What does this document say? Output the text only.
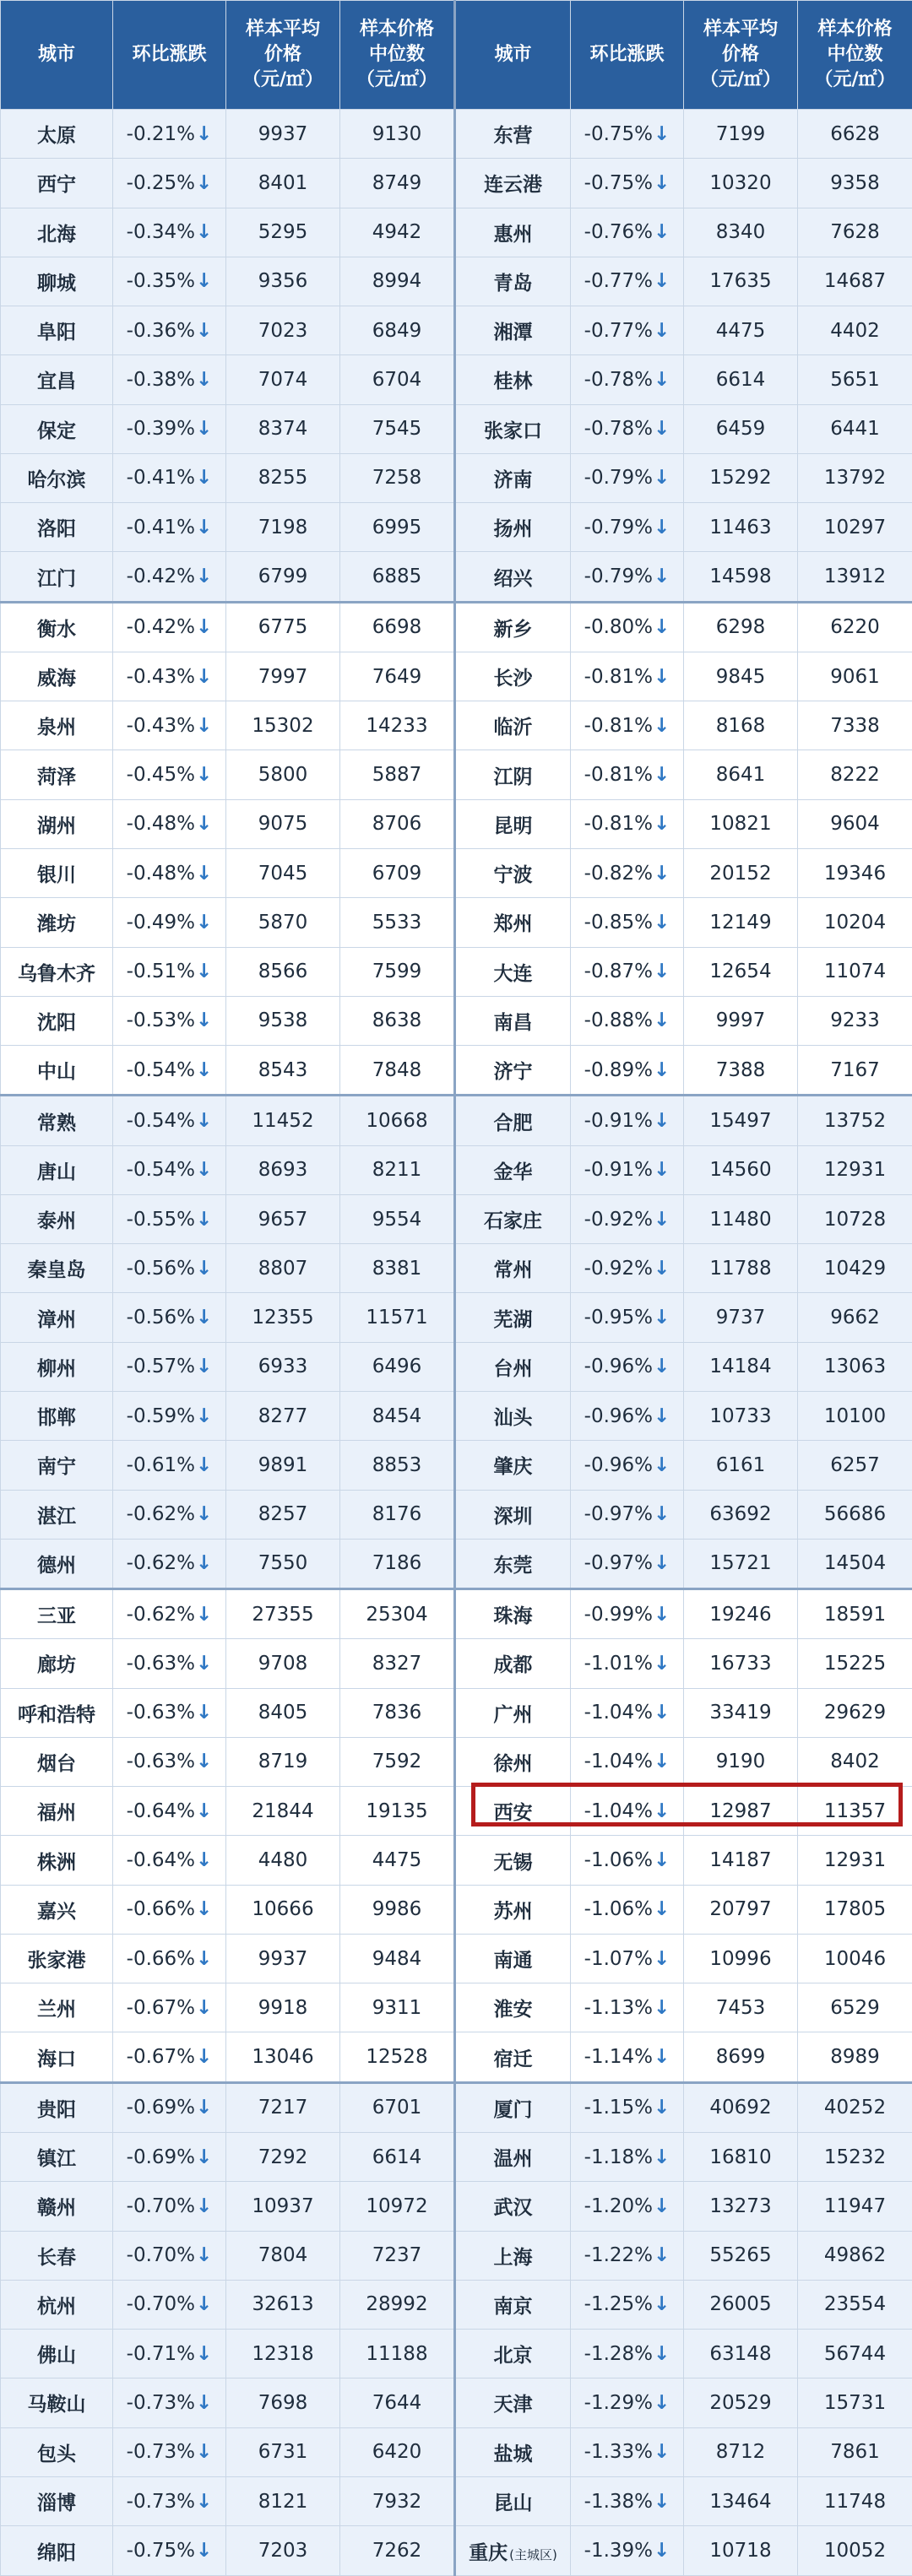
城市	环比涨跌	样本平均
价格
（元/㎡）	样本价格
中位数
（元/㎡）	城市	环比涨跌	样本平均
价格
（元/㎡）	样本价格
中位数
（元/㎡）
太原	-0.21%↓	9937	9130	东营	-0.75%↓	7199	6628
西宁	-0.25%↓	8401	8749	连云港	-0.75%↓	10320	9358
北海	-0.34%↓	5295	4942	惠州	-0.76%↓	8340	7628
聊城	-0.35%↓	9356	8994	青岛	-0.77%↓	17635	14687
阜阳	-0.36%↓	7023	6849	湘潭	-0.77%↓	4475	4402
宜昌	-0.38%↓	7074	6704	桂林	-0.78%↓	6614	5651
保定	-0.39%↓	8374	7545	张家口	-0.78%↓	6459	6441
哈尔滨	-0.41%↓	8255	7258	济南	-0.79%↓	15292	13792
洛阳	-0.41%↓	7198	6995	扬州	-0.79%↓	11463	10297
江门	-0.42%↓	6799	6885	绍兴	-0.79%↓	14598	13912
衡水	-0.42%↓	6775	6698	新乡	-0.80%↓	6298	6220
威海	-0.43%↓	7997	7649	长沙	-0.81%↓	9845	9061
泉州	-0.43%↓	15302	14233	临沂	-0.81%↓	8168	7338
菏泽	-0.45%↓	5800	5887	江阴	-0.81%↓	8641	8222
湖州	-0.48%↓	9075	8706	昆明	-0.81%↓	10821	9604
银川	-0.48%↓	7045	6709	宁波	-0.82%↓	20152	19346
潍坊	-0.49%↓	5870	5533	郑州	-0.85%↓	12149	10204
乌鲁木齐	-0.51%↓	8566	7599	大连	-0.87%↓	12654	11074
沈阳	-0.53%↓	9538	8638	南昌	-0.88%↓	9997	9233
中山	-0.54%↓	8543	7848	济宁	-0.89%↓	7388	7167
常熟	-0.54%↓	11452	10668	合肥	-0.91%↓	15497	13752
唐山	-0.54%↓	8693	8211	金华	-0.91%↓	14560	12931
泰州	-0.55%↓	9657	9554	石家庄	-0.92%↓	11480	10728
秦皇岛	-0.56%↓	8807	8381	常州	-0.92%↓	11788	10429
漳州	-0.56%↓	12355	11571	芜湖	-0.95%↓	9737	9662
柳州	-0.57%↓	6933	6496	台州	-0.96%↓	14184	13063
邯郸	-0.59%↓	8277	8454	汕头	-0.96%↓	10733	10100
南宁	-0.61%↓	9891	8853	肇庆	-0.96%↓	6161	6257
湛江	-0.62%↓	8257	8176	深圳	-0.97%↓	63692	56686
德州	-0.62%↓	7550	7186	东莞	-0.97%↓	15721	14504
三亚	-0.62%↓	27355	25304	珠海	-0.99%↓	19246	18591
廊坊	-0.63%↓	9708	8327	成都	-1.01%↓	16733	15225
呼和浩特	-0.63%↓	8405	7836	广州	-1.04%↓	33419	29629
烟台	-0.63%↓	8719	7592	徐州	-1.04%↓	9190	8402
福州	-0.64%↓	21844	19135	西安	-1.04%↓	12987	11357
株洲	-0.64%↓	4480	4475	无锡	-1.06%↓	14187	12931
嘉兴	-0.66%↓	10666	9986	苏州	-1.06%↓	20797	17805
张家港	-0.66%↓	9937	9484	南通	-1.07%↓	10996	10046
兰州	-0.67%↓	9918	9311	淮安	-1.13%↓	7453	6529
海口	-0.67%↓	13046	12528	宿迁	-1.14%↓	8699	8989
贵阳	-0.69%↓	7217	6701	厦门	-1.15%↓	40692	40252
镇江	-0.69%↓	7292	6614	温州	-1.18%↓	16810	15232
赣州	-0.70%↓	10937	10972	武汉	-1.20%↓	13273	11947
长春	-0.70%↓	7804	7237	上海	-1.22%↓	55265	49862
杭州	-0.70%↓	32613	28992	南京	-1.25%↓	26005	23554
佛山	-0.71%↓	12318	11188	北京	-1.28%↓	63148	56744
马鞍山	-0.73%↓	7698	7644	天津	-1.29%↓	20529	15731
包头	-0.73%↓	6731	6420	盐城	-1.33%↓	8712	7861
淄博	-0.73%↓	8121	7932	昆山	-1.38%↓	13464	11748
绵阳	-0.75%↓	7203	7262	重庆 (主城区)	-1.39%↓	10718	10052
